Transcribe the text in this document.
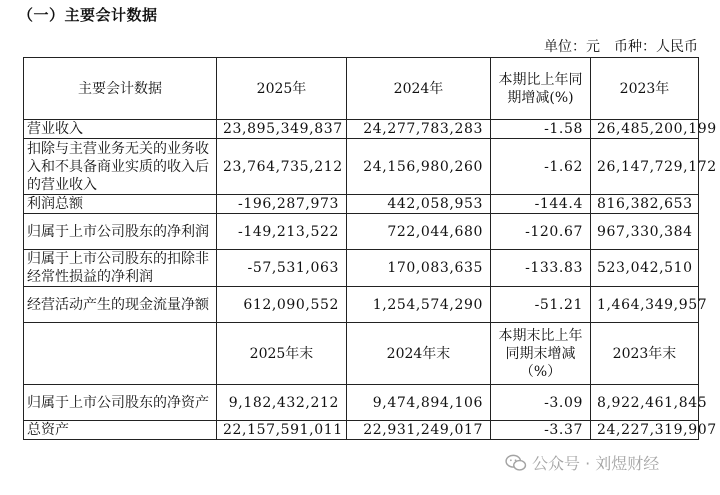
（一）主要会计数据
单位：元　币种：人民币
主要会计数据	2025年	2024年	本期比上年同期增减(%)	2023年
营业收入	23,895,349,837	24,277,783,283	-1.58	26,485,200,199
扣除与主营业务无关的业务收入和不具备商业实质的收入后的营业收入	23,764,735,212	24,156,980,260	-1.62	26,147,729,172
利润总额	-196,287,973	442,058,953	-144.4	816,382,653
归属于上市公司股东的净利润	-149,213,522	722,044,680	-120.67	967,330,384
归属于上市公司股东的扣除非经常性损益的净利润	-57,531,063	170,083,635	-133.83	523,042,510
经营活动产生的现金流量净额	612,090,552	1,254,574,290	-51.21	1,464,349,957
	2025年末	2024年末	本期末比上年同期末增减（%）	2023年末
归属于上市公司股东的净资产	9,182,432,212	9,474,894,106	-3.09	8,922,461,845
总资产	22,157,591,011	22,931,249,017	-3.37	24,227,319,907
公众号 · 刘煜财经
